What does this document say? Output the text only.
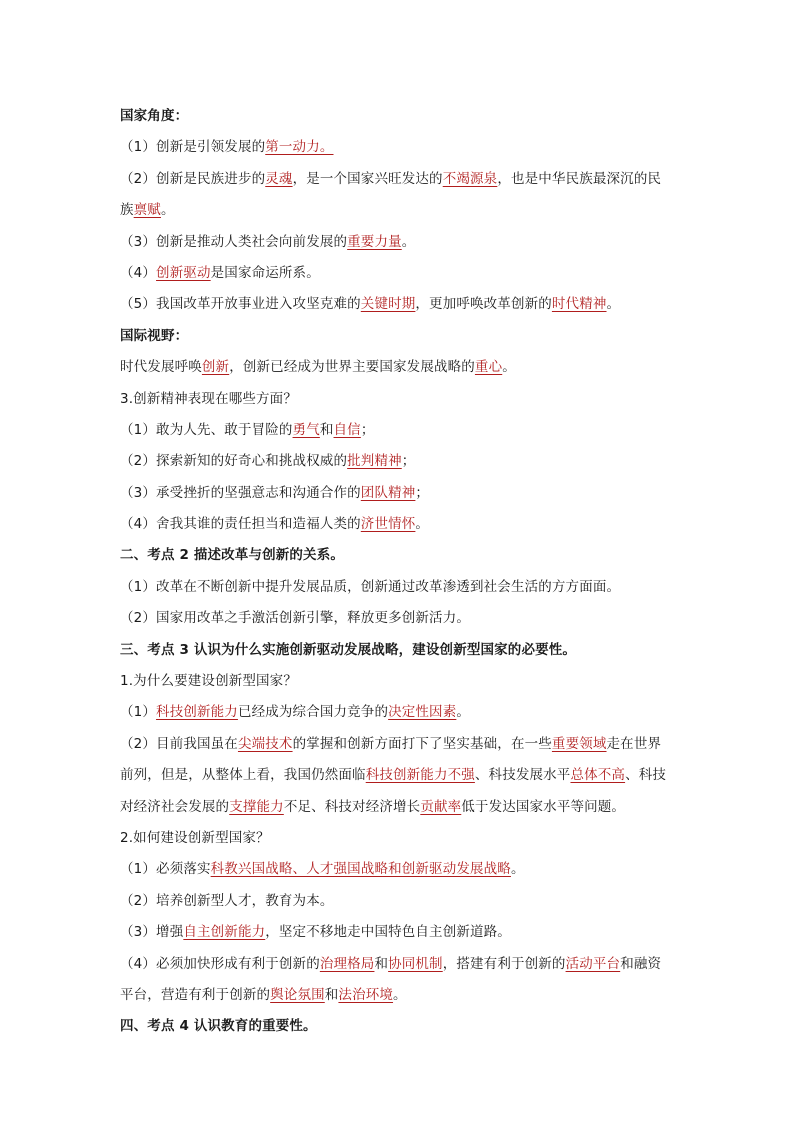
国家角度：
（1）创新是引领发展的第一动力。
（2）创新是民族进步的灵魂，是一个国家兴旺发达的不竭源泉，也是中华民族最深沉的民
族禀赋。
（3）创新是推动人类社会向前发展的重要力量。
（4）创新驱动是国家命运所系。
（5）我国改革开放事业进入攻坚克难的关键时期，更加呼唤改革创新的时代精神。
国际视野：
时代发展呼唤创新，创新已经成为世界主要国家发展战略的重心。
3.创新精神表现在哪些方面？
（1）敢为人先、敢于冒险的勇气和自信；
（2）探索新知的好奇心和挑战权威的批判精神；
（3）承受挫折的坚强意志和沟通合作的团队精神；
（4）舍我其谁的责任担当和造福人类的济世情怀。
二、考点 2 描述改革与创新的关系。
（1）改革在不断创新中提升发展品质，创新通过改革渗透到社会生活的方方面面。
（2）国家用改革之手激活创新引擎，释放更多创新活力。
三、考点 3 认识为什么实施创新驱动发展战略，建设创新型国家的必要性。
1.为什么要建设创新型国家？
（1）科技创新能力已经成为综合国力竞争的决定性因素。
（2）目前我国虽在尖端技术的掌握和创新方面打下了坚实基础，在一些重要领域走在世界
前列，但是，从整体上看，我国仍然面临科技创新能力不强、科技发展水平总体不高、科技
对经济社会发展的支撑能力不足、科技对经济增长贡献率低于发达国家水平等问题。
2.如何建设创新型国家？
（1）必须落实科教兴国战略、人才强国战略和创新驱动发展战略。
（2）培养创新型人才，教育为本。
（3）增强自主创新能力，坚定不移地走中国特色自主创新道路。
（4）必须加快形成有利于创新的治理格局和协同机制，搭建有利于创新的活动平台和融资
平台，营造有利于创新的舆论氛围和法治环境。
四、考点 4 认识教育的重要性。
